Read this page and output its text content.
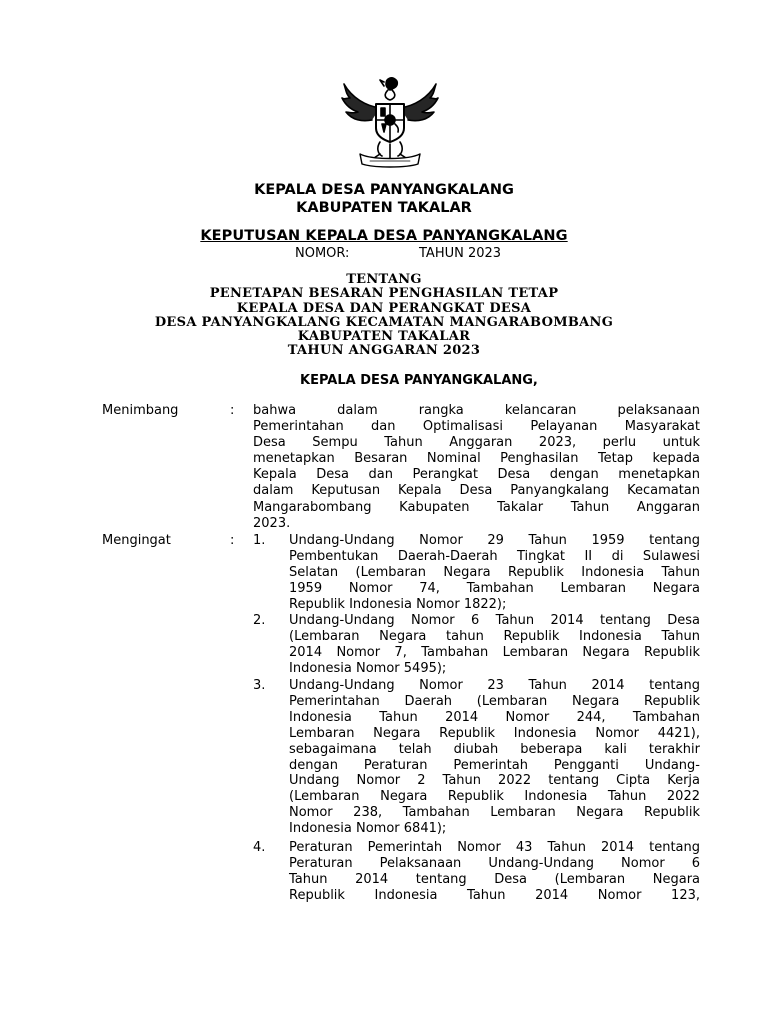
KEPALA DESA PANYANGKALANG
KABUPATEN TAKALAR
KEPUTUSAN KEPALA DESA PANYANGKALANG
NOMOR:	TAHUN 2023
TENTANG
PENETAPAN BESARAN PENGHASILAN TETAP
KEPALA DESA DAN PERANGKAT DESA
DESA PANYANGKALANG KECAMATAN MANGARABOMBANG
KABUPATEN TAKALAR
TAHUN ANGGARAN 2023
KEPALA DESA PANYANGKALANG,
Menimbang	: bahwa dalam rangka kelancaran pelaksanaan
Pemerintahan dan Optimalisasi Pelayanan Masyarakat
Desa Sempu Tahun Anggaran 2023, perlu untuk
menetapkan Besaran Nominal Penghasilan Tetap kepada
Kepala Desa dan Perangkat Desa dengan menetapkan
dalam Keputusan Kepala Desa Panyangkalang Kecamatan
Mangarabombang Kabupaten Takalar Tahun Anggaran
2023.
Mengingat	: 1. Undang-Undang Nomor 29 Tahun 1959 tentang
Pembentukan Daerah-Daerah Tingkat II di Sulawesi
Selatan (Lembaran Negara Republik Indonesia Tahun
1959 Nomor 74, Tambahan Lembaran Negara
Republik Indonesia Nomor 1822);
2. Undang-Undang Nomor 6 Tahun 2014 tentang Desa
(Lembaran Negara tahun Republik Indonesia Tahun
2014 Nomor 7, Tambahan Lembaran Negara Republik
Indonesia Nomor 5495);
3. Undang-Undang Nomor 23 Tahun 2014 tentang
Pemerintahan Daerah (Lembaran Negara Republik
Indonesia Tahun 2014 Nomor 244, Tambahan
Lembaran Negara Republik Indonesia Nomor 4421),
sebagaimana telah diubah beberapa kali terakhir
dengan Peraturan Pemerintah Pengganti Undang-
Undang Nomor 2 Tahun 2022 tentang Cipta Kerja
(Lembaran Negara Republik Indonesia Tahun 2022
Nomor 238, Tambahan Lembaran Negara Republik
Indonesia Nomor 6841);
4. Peraturan Pemerintah Nomor 43 Tahun 2014 tentang
Peraturan Pelaksanaan Undang-Undang Nomor 6
Tahun 2014 tentang Desa (Lembaran Negara
Republik Indonesia Tahun 2014 Nomor 123,
